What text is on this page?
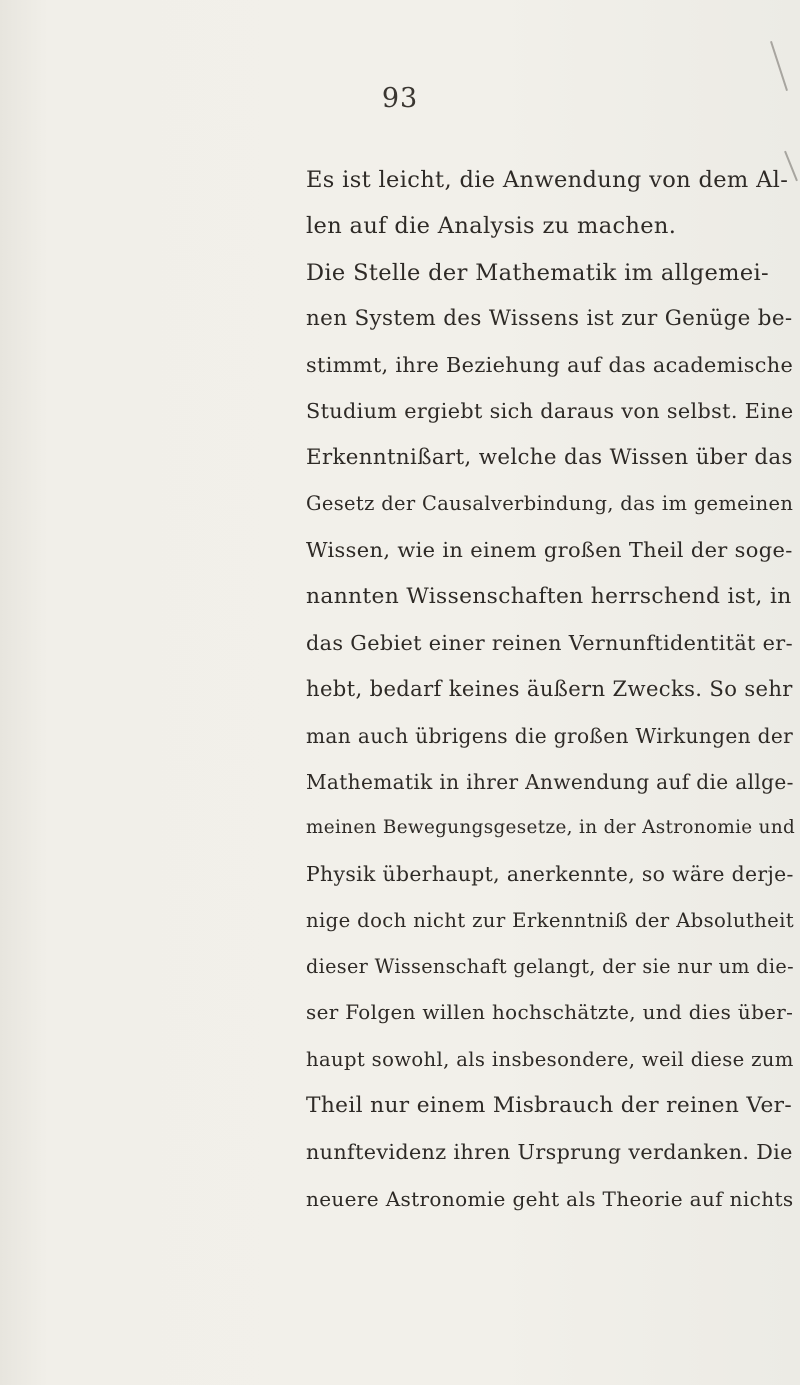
93
Es ist leicht, die Anwendung von dem Al-
len auf die Analysis zu machen.
Die Stelle der Mathematik im allgemei-
nen System des Wissens ist zur Genüge be-
stimmt, ihre Beziehung auf das academische
Studium ergiebt sich daraus von selbst. Eine
Erkenntnißart, welche das Wissen über das
Gesetz der Causalverbindung, das im gemeinen
Wissen, wie in einem großen Theil der soge-
nannten Wissenschaften herrschend ist, in
das Gebiet einer reinen Vernunftidentität er-
hebt, bedarf keines äußern Zwecks. So sehr
man auch übrigens die großen Wirkungen der
Mathematik in ihrer Anwendung auf die allge-
meinen Bewegungsgesetze, in der Astronomie und
Physik überhaupt, anerkennte, so wäre derje-
nige doch nicht zur Erkenntniß der Absolutheit
dieser Wissenschaft gelangt, der sie nur um die-
ser Folgen willen hochschätzte, und dies über-
haupt sowohl, als insbesondere, weil diese zum
Theil nur einem Misbrauch der reinen Ver-
nunftevidenz ihren Ursprung verdanken. Die
neuere Astronomie geht als Theorie auf nichts
